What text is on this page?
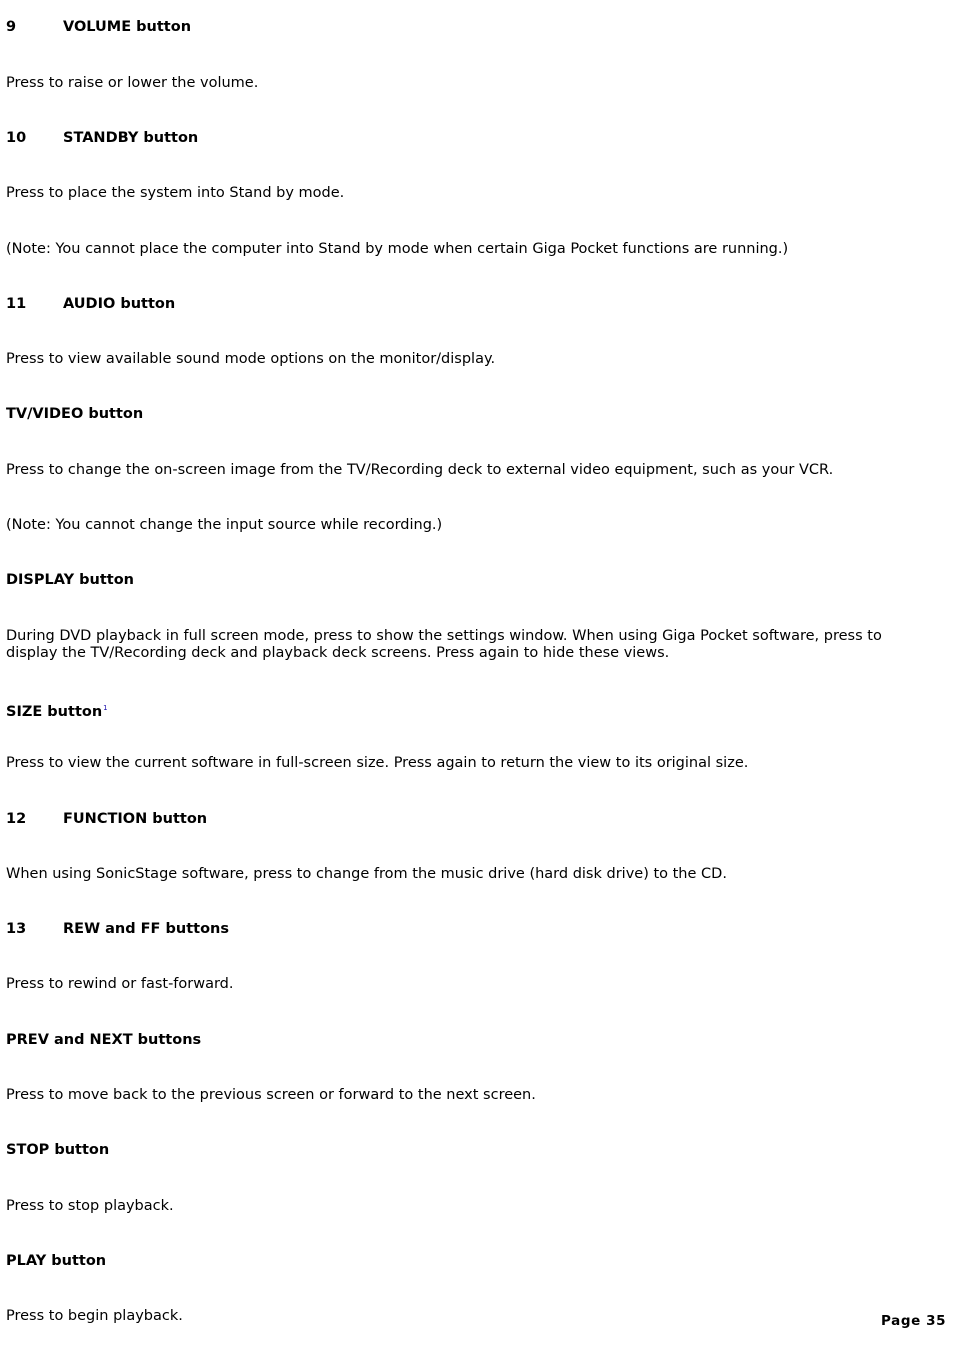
9	VOLUME button
Press to raise or lower the volume.
10	STANDBY button
Press to place the system into Stand by mode.
(Note: You cannot place the computer into Stand by mode when certain Giga Pocket functions are running.)
11	AUDIO button
Press to view available sound mode options on the monitor/display.
TV/VIDEO button
Press to change the on-screen image from the TV/Recording deck to external video equipment, such as your VCR.
(Note: You cannot change the input source while recording.)
DISPLAY button
During DVD playback in full screen mode, press to show the settings window. When using Giga Pocket software, press to display the TV/Recording deck and playback deck screens. Press again to hide these views.
SIZE button$^1$
Press to view the current software in full-screen size. Press again to return the view to its original size.
12	FUNCTION button
When using SonicStage software, press to change from the music drive (hard disk drive) to the CD.
13	REW and FF buttons
Press to rewind or fast-forward.
PREV and NEXT buttons
Press to move back to the previous screen or forward to the next screen.
STOP button
Press to stop playback.
PLAY button
Press to begin playback.	Page 35
